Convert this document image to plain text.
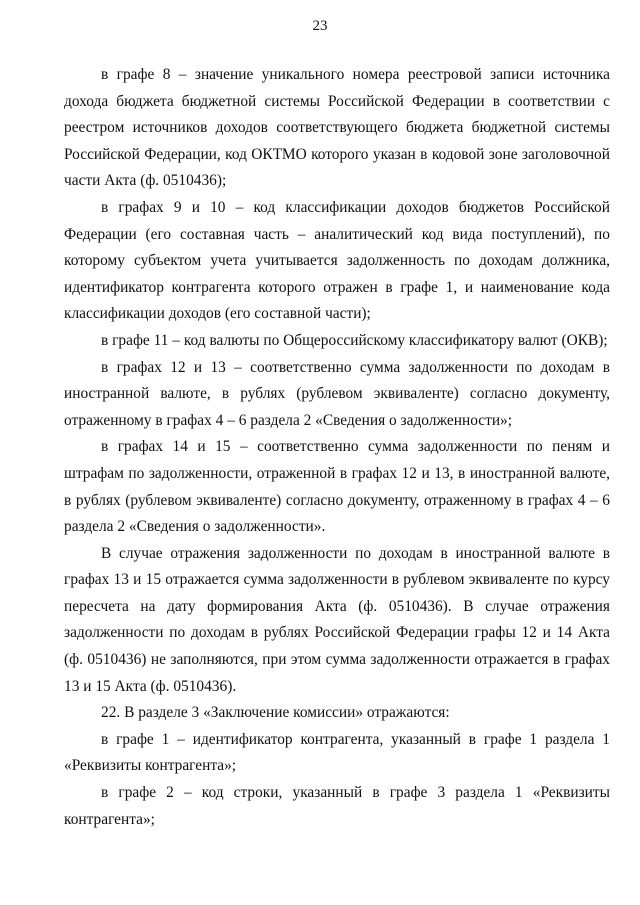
23

в графе 8 – значение уникального номера реестровой записи источника дохода бюджета бюджетной системы Российской Федерации в соответствии с реестром источников доходов соответствующего бюджета бюджетной системы Российской Федерации, код ОКТМО которого указан в кодовой зоне заголовочной части Акта (ф. 0510436);

в графах 9 и 10 – код классификации доходов бюджетов Российской Федерации (его составная часть – аналитический код вида поступлений), по которому субъектом учета учитывается задолженность по доходам должника, идентификатор контрагента которого отражен в графе 1, и наименование кода классификации доходов (его составной части);

в графе 11 – код валюты по Общероссийскому классификатору валют (ОКВ);

в графах 12 и 13 – соответственно сумма задолженности по доходам в иностранной валюте, в рублях (рублевом эквиваленте) согласно документу, отраженному в графах 4 – 6 раздела 2 «Сведения о задолженности»;

в графах 14 и 15 – соответственно сумма задолженности по пеням и штрафам по задолженности, отраженной в графах 12 и 13, в иностранной валюте, в рублях (рублевом эквиваленте) согласно документу, отраженному в графах 4 – 6 раздела 2 «Сведения о задолженности».

В случае отражения задолженности по доходам в иностранной валюте в графах 13 и 15 отражается сумма задолженности в рублевом эквиваленте по курсу пересчета на дату формирования Акта (ф. 0510436). В случае отражения задолженности по доходам в рублях Российской Федерации графы 12 и 14 Акта (ф. 0510436) не заполняются, при этом сумма задолженности отражается в графах 13 и 15 Акта (ф. 0510436).

22. В разделе 3 «Заключение комиссии» отражаются:

в графе 1 – идентификатор контрагента, указанный в графе 1 раздела 1 «Реквизиты контрагента»;

в графе 2 – код строки, указанный в графе 3 раздела 1 «Реквизиты контрагента»;
